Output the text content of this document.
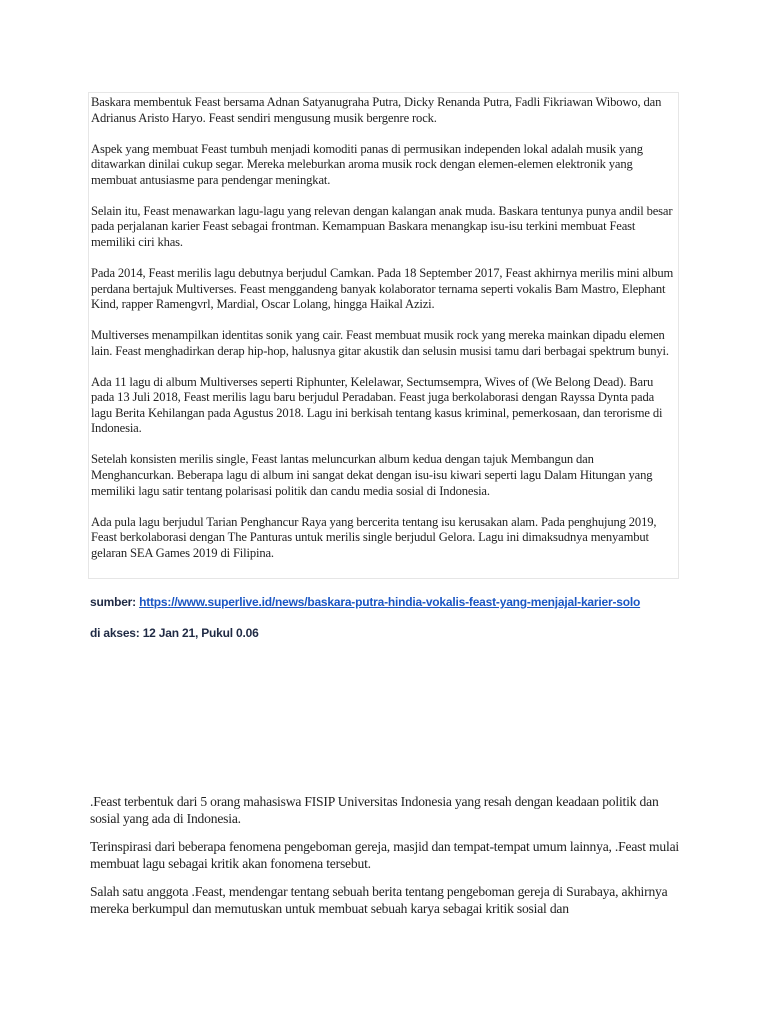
Baskara membentuk Feast bersama Adnan Satyanugraha Putra, Dicky Renanda Putra, Fadli Fikriawan Wibowo, dan Adrianus Aristo Haryo. Feast sendiri mengusung musik bergenre rock.

Aspek yang membuat Feast tumbuh menjadi komoditi panas di permusikan independen lokal adalah musik yang ditawarkan dinilai cukup segar. Mereka meleburkan aroma musik rock dengan elemen-elemen elektronik yang membuat antusiasme para pendengar meningkat.

Selain itu, Feast menawarkan lagu-lagu yang relevan dengan kalangan anak muda. Baskara tentunya punya andil besar pada perjalanan karier Feast sebagai frontman. Kemampuan Baskara menangkap isu-isu terkini membuat Feast memiliki ciri khas.

Pada 2014, Feast merilis lagu debutnya berjudul Camkan. Pada 18 September 2017, Feast akhirnya merilis mini album perdana bertajuk Multiverses. Feast menggandeng banyak kolaborator ternama seperti vokalis Bam Mastro, Elephant Kind, rapper Ramengvrl, Mardial, Oscar Lolang, hingga Haikal Azizi.

Multiverses menampilkan identitas sonik yang cair. Feast membuat musik rock yang mereka mainkan dipadu elemen lain. Feast menghadirkan derap hip-hop, halusnya gitar akustik dan selusin musisi tamu dari berbagai spektrum bunyi.

Ada 11 lagu di album Multiverses seperti Riphunter, Kelelawar, Sectumsempra, Wives of (We Belong Dead). Baru pada 13 Juli 2018, Feast merilis lagu baru berjudul Peradaban. Feast juga berkolaborasi dengan Rayssa Dynta pada lagu Berita Kehilangan pada Agustus 2018. Lagu ini berkisah tentang kasus kriminal, pemerkosaan, dan terorisme di Indonesia.

Setelah konsisten merilis single, Feast lantas meluncurkan album kedua dengan tajuk Membangun dan Menghancurkan. Beberapa lagu di album ini sangat dekat dengan isu-isu kiwari seperti lagu Dalam Hitungan yang memiliki lagu satir tentang polarisasi politik dan candu media sosial di Indonesia.

Ada pula lagu berjudul Tarian Penghancur Raya yang bercerita tentang isu kerusakan alam. Pada penghujung 2019, Feast berkolaborasi dengan The Panturas untuk merilis single berjudul Gelora. Lagu ini dimaksudnya menyambut gelaran SEA Games 2019 di Filipina.

sumber: https://www.superlive.id/news/baskara-putra-hindia-vokalis-feast-yang-menjajal-karier-solo
di akses: 12 Jan 21, Pukul 0.06

.Feast terbentuk dari 5 orang mahasiswa FISIP Universitas Indonesia yang resah dengan keadaan politik dan sosial yang ada di Indonesia.

Terinspirasi dari beberapa fenomena pengeboman gereja, masjid dan tempat-tempat umum lainnya, .Feast mulai membuat lagu sebagai kritik akan fonomena tersebut.

Salah satu anggota .Feast, mendengar tentang sebuah berita tentang pengeboman gereja di Surabaya, akhirnya mereka berkumpul dan memutuskan untuk membuat sebuah karya sebagai kritik sosial dan
